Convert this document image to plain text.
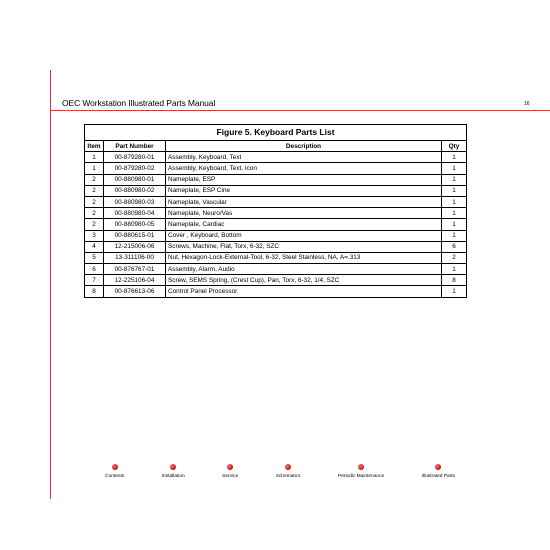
OEC Workstation Illustrated Parts Manual	16
Figure 5. Keyboard Parts List
Item	Part Number	Description	Qty
1	00-879280-01	Assembly, Keyboard, Text	1
1	00-879280-02	Assembly, Keyboard, Text, Icon	1
2	00-880980-01	Nameplate, ESP	1
2	00-880980-02	Nameplate, ESP Cine	1
2	00-880980-03	Nameplate, Vascular	1
2	00-880980-04	Nameplate, Neuro/Vas	1
2	00-880980-05	Nameplate, Cardiac	1
3	00-880615-01	Cover , Keyboard, Bottom	1
4	12-215006-06	Screws, Machine, Flat, Torx, 6-32, SZC	6
5	13-311106-00	Nut, Hexagon-Lock-External-Tool, 6-32, Steel Stainless, NA, A=.313	2
6	00-876767-01	Assembly, Alarm, Audio	1
7	12-225106-04	Screw, SEMS Spring, (Crest Cup), Pan, Torx, 6-32, 1/4, SZC	8
8	00-876613-06	Control Panel Processor	1
Contents	Installation	Service	Schematics	Periodic Maintenance	Illustrated Parts
